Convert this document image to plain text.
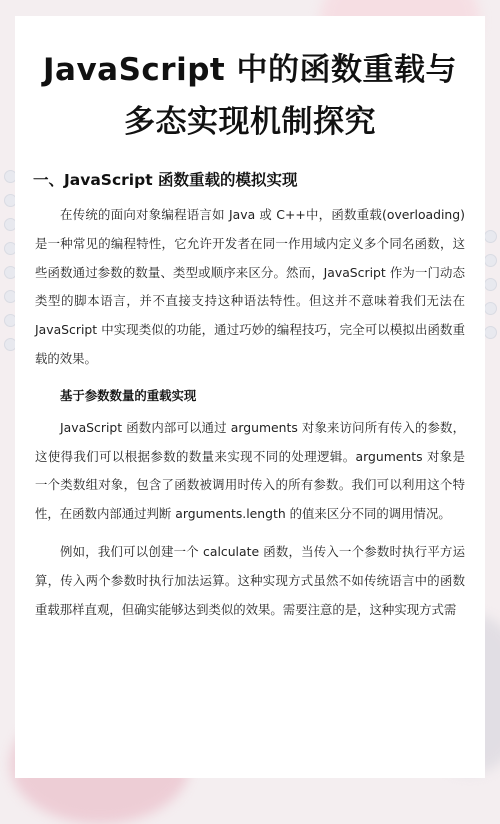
JavaScript 中的函数重载与多态实现机制探究
一、JavaScript 函数重载的模拟实现

在传统的面向对象编程语言如 Java 或 C++中，函数重载(overloading)是一种常见的编程特性，它允许开发者在同一作用域内定义多个同名函数，这些函数通过参数的数量、类型或顺序来区分。然而，JavaScript 作为一门动态类型的脚本语言，并不直接支持这种语法特性。但这并不意味着我们无法在 JavaScript 中实现类似的功能，通过巧妙的编程技巧，完全可以模拟出函数重载的效果。

基于参数数量的重载实现

JavaScript 函数内部可以通过 arguments 对象来访问所有传入的参数，这使得我们可以根据参数的数量来实现不同的处理逻辑。arguments 对象是一个类数组对象，包含了函数被调用时传入的所有参数。我们可以利用这个特性，在函数内部通过判断 arguments.length 的值来区分不同的调用情况。

例如，我们可以创建一个 calculate 函数，当传入一个参数时执行平方运算，传入两个参数时执行加法运算。这种实现方式虽然不如传统语言中的函数重载那样直观，但确实能够达到类似的效果。需要注意的是，这种实现方式需
